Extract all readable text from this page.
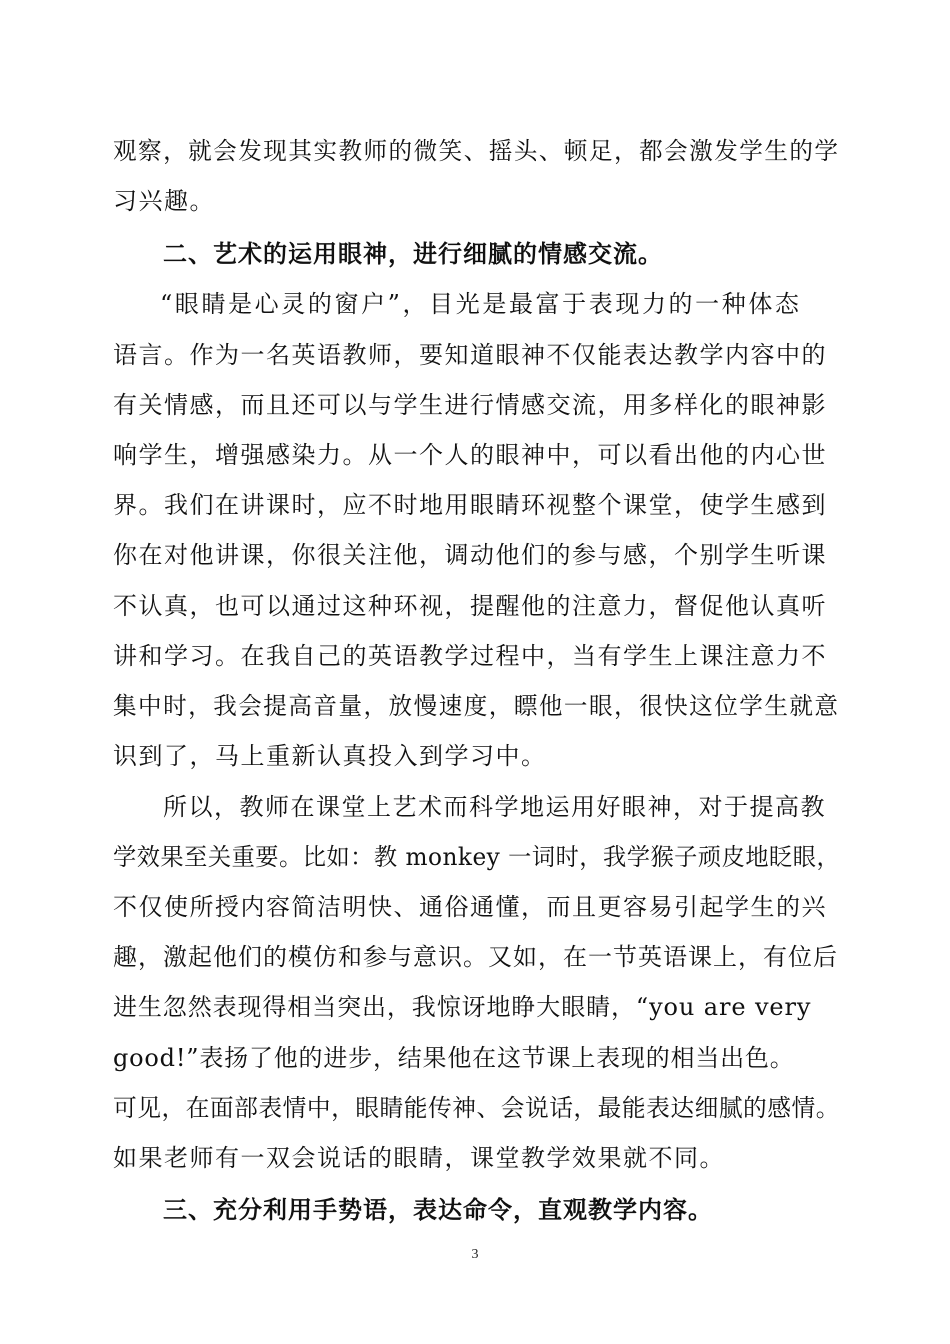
观察，就会发现其实教师的微笑、摇头、顿足，都会激发学生的学
习兴趣。
二、艺术的运用眼神，进行细腻的情感交流。
“眼睛是心灵的窗户”，目光是最富于表现力的一种体态
语言。作为一名英语教师，要知道眼神不仅能表达教学内容中的
有关情感，而且还可以与学生进行情感交流，用多样化的眼神影
响学生，增强感染力。从一个人的眼神中，可以看出他的内心世
界。我们在讲课时，应不时地用眼睛环视整个课堂，使学生感到
你在对他讲课，你很关注他，调动他们的参与感，个别学生听课
不认真，也可以通过这种环视，提醒他的注意力，督促他认真听
讲和学习。在我自己的英语教学过程中，当有学生上课注意力不
集中时，我会提高音量，放慢速度，瞟他一眼，很快这位学生就意
识到了，马上重新认真投入到学习中。
所以，教师在课堂上艺术而科学地运用好眼神，对于提高教
学效果至关重要。比如：教 monkey 一词时，我学猴子顽皮地眨眼，
不仅使所授内容简洁明快、通俗通懂，而且更容易引起学生的兴
趣，激起他们的模仿和参与意识。又如，在一节英语课上，有位后
进生忽然表现得相当突出，我惊讶地睁大眼睛，“you are very
good!”表扬了他的进步，结果他在这节课上表现的相当出色。
可见，在面部表情中，眼睛能传神、会说话，最能表达细腻的感情。
如果老师有一双会说话的眼睛，课堂教学效果就不同。
三、充分利用手势语，表达命令，直观教学内容。
3
